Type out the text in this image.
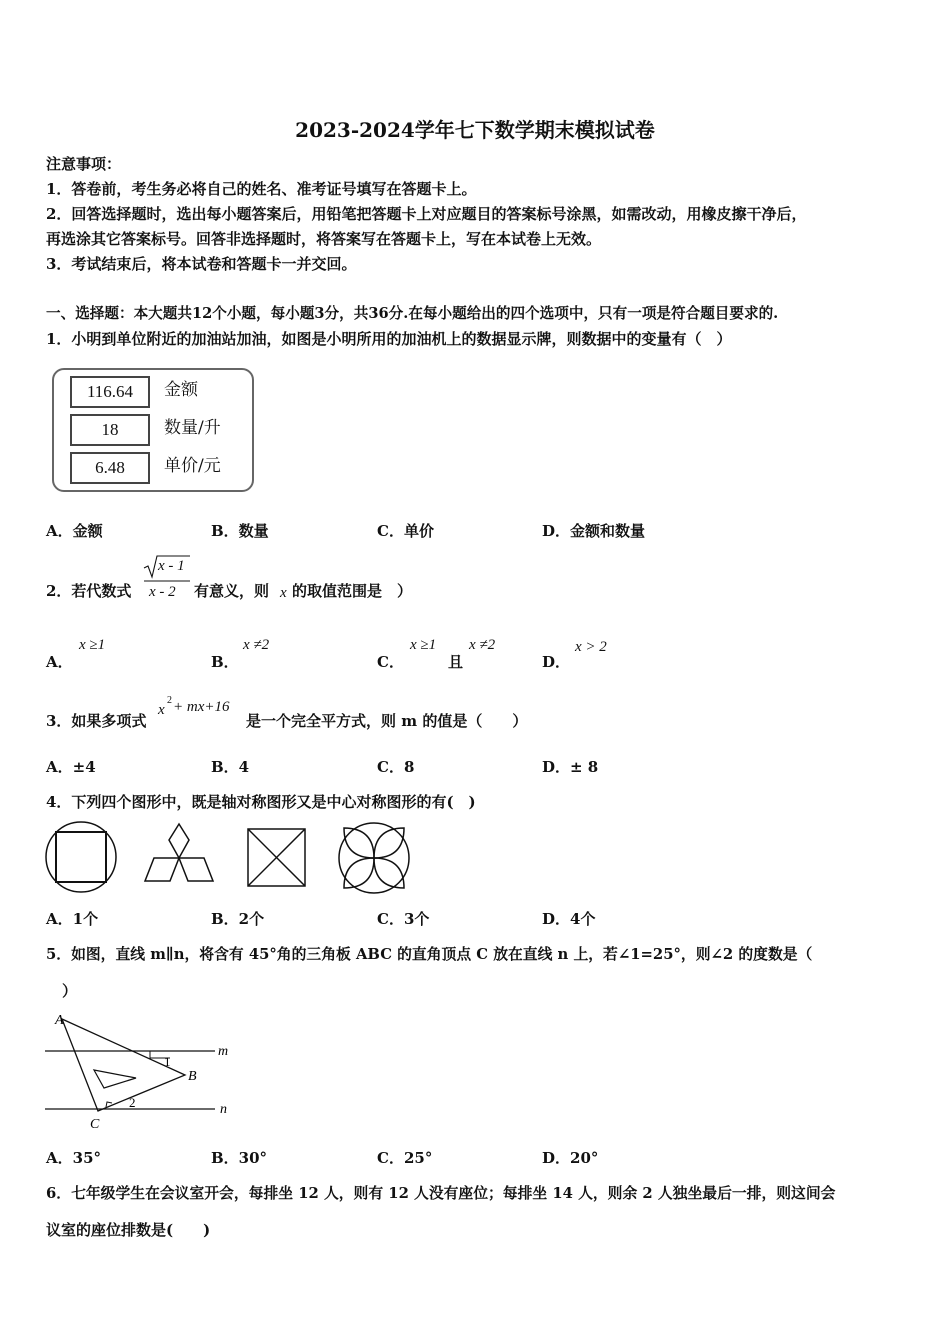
2023-2024学年七下数学期末模拟试卷
注意事项：
1．答卷前，考生务必将自己的姓名、准考证号填写在答题卡上。
2．回答选择题时，选出每小题答案后，用铅笔把答题卡上对应题目的答案标号涂黑，如需改动，用橡皮擦干净后，
再选涂其它答案标号。回答非选择题时，将答案写在答题卡上，写在本试卷上无效。
3．考试结束后，将本试卷和答题卡一并交回。
一、选择题：本大题共12个小题，每小题3分，共36分.在每小题给出的四个选项中，只有一项是符合题目要求的.
1．小明到单位附近的加油站加油，如图是小明所用的加油机上的数据显示牌，则数据中的变量有（　）
116.64	金额
18	数量/升
6.48	单价/元
A．金额	B．数量	C．单价	D．金额和数量
2．若代数式
x - 1
x - 2 有意义，则 x 的取值范围是　）
A．
x ≥1
B．
x ≠2
C．
x ≥1
且
x ≠2
D．
x > 2
3．如果多项式
x
2 + mx+16
是一个完全平方式，则 m 的值是（　　）
A．±4	B．4	C．8	D．± 8
4．下列四个图形中，既是轴对称图形又是中心对称图形的有(　)
A．1个	B．2个	C．3个	D．4个
5．如图，直线 m∥n，将含有 45°角的三角板 ABC 的直角顶点 C 放在直线 n 上，若∠1=25°，则∠2 的度数是（
）
A
B
C
m
n
1
2
A．35°	B．30°	C．25°	D．20°
6．七年级学生在会议室开会，每排坐 12 人，则有 12 人没有座位；每排坐 14 人，则余 2 人独坐最后一排，则这间会
议室的座位排数是(　　)
